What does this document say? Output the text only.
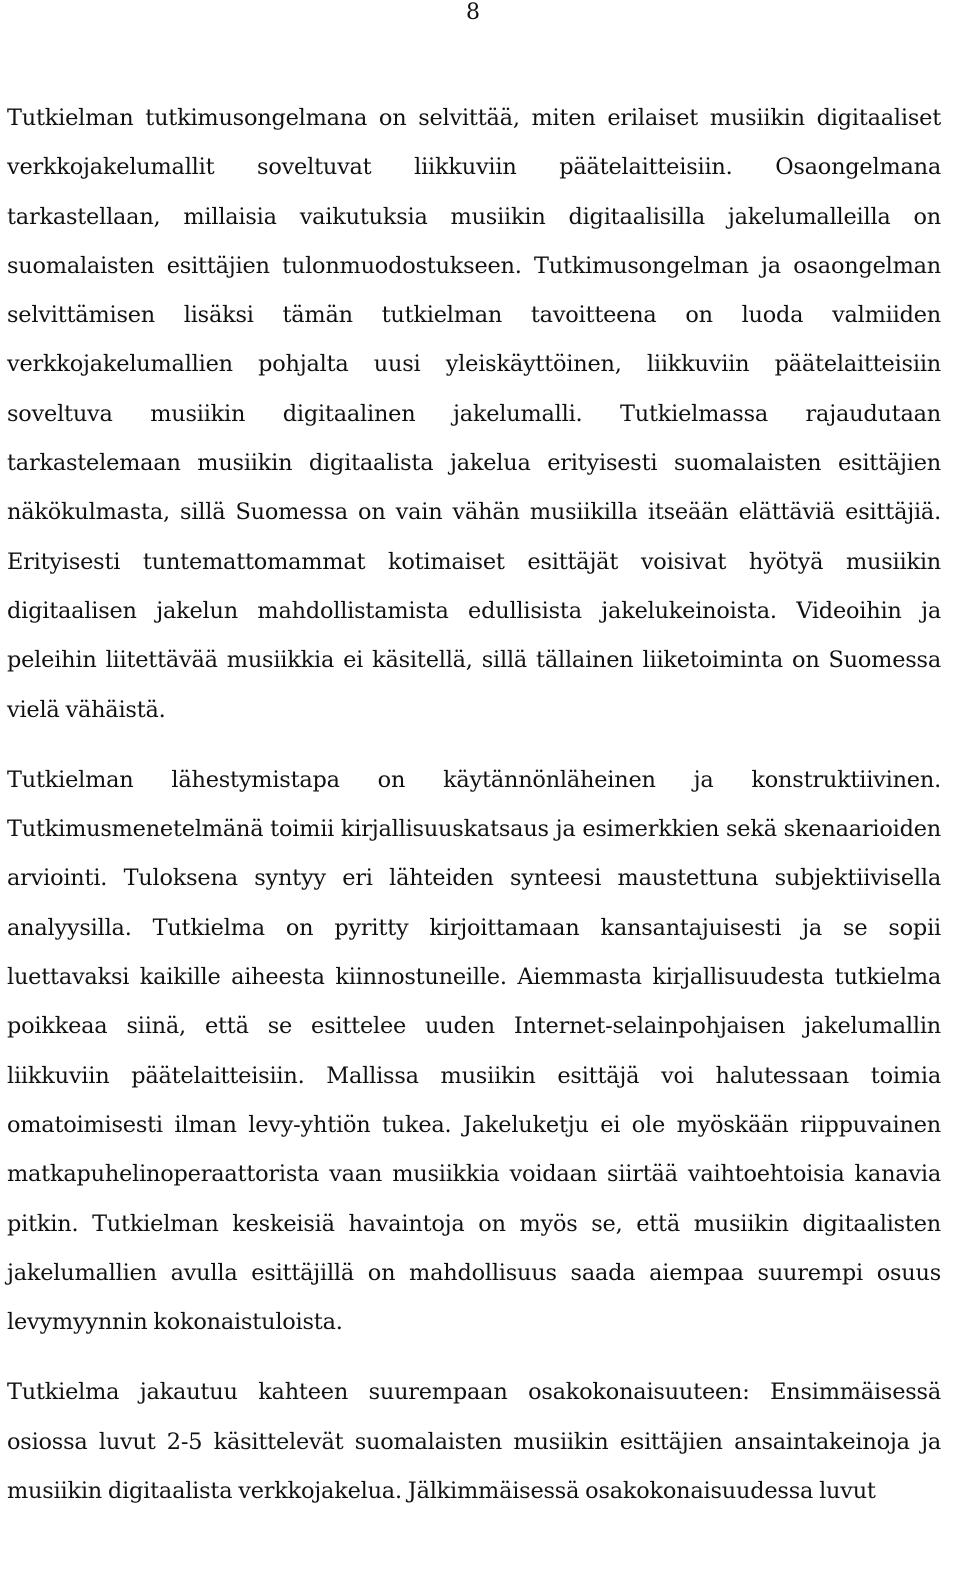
8

Tutkielman tutkimusongelmana on selvittää, miten erilaiset musiikin digitaaliset verkkojakelumallit soveltuvat liikkuviin päätelaitteisiin. Osaongelmana tarkastellaan, millaisia vaikutuksia musiikin digitaalisilla jakelumalleilla on suomalaisten esittäjien tulonmuodostukseen. Tutkimusongelman ja osaongelman selvittämisen lisäksi tämän tutkielman tavoitteena on luoda valmiiden verkkojakelumallien pohjalta uusi yleiskäyttöinen, liikkuviin päätelaitteisiin soveltuva musiikin digitaalinen jakelumalli. Tutkielmassa rajaudutaan tarkastelemaan musiikin digitaalista jakelua erityisesti suomalaisten esittäjien näkökulmasta, sillä Suomessa on vain vähän musiikilla itseään elättäviä esittäjiä. Erityisesti tuntemattomammat kotimaiset esittäjät voisivat hyötyä musiikin digitaalisen jakelun mahdollistamista edullisista jakelukeinoista. Videoihin ja peleihin liitettävää musiikkia ei käsitellä, sillä tällainen liiketoiminta on Suomessa vielä vähäistä.

Tutkielman lähestymistapa on käytännönläheinen ja konstruktiivinen. Tutkimusmenetelmänä toimii kirjallisuuskatsaus ja esimerkkien sekä skenaarioiden arviointi. Tuloksena syntyy eri lähteiden synteesi maustettuna subjektiivisella analyysilla. Tutkielma on pyritty kirjoittamaan kansantajuisesti ja se sopii luettavaksi kaikille aiheesta kiinnostuneille. Aiemmasta kirjallisuudesta tutkielma poikkeaa siinä, että se esittelee uuden Internet-selainpohjaisen jakelumallin liikkuviin päätelaitteisiin. Mallissa musiikin esittäjä voi halutessaan toimia omatoimisesti ilman levy-yhtiön tukea. Jakeluketju ei ole myöskään riippuvainen matkapuhelinoperaattorista vaan musiikkia voidaan siirtää vaihtoehtoisia kanavia pitkin. Tutkielman keskeisiä havaintoja on myös se, että musiikin digitaalisten jakelumallien avulla esittäjillä on mahdollisuus saada aiempaa suurempi osuus levymyynnin kokonaistuloista.

Tutkielma jakautuu kahteen suurempaan osakokonaisuuteen: Ensimmäisessä osiossa luvut 2-5 käsittelevät suomalaisten musiikin esittäjien ansaintakeinoja ja musiikin digitaalista verkkojakelua. Jälkimmäisessä osakokonaisuudessa luvut
